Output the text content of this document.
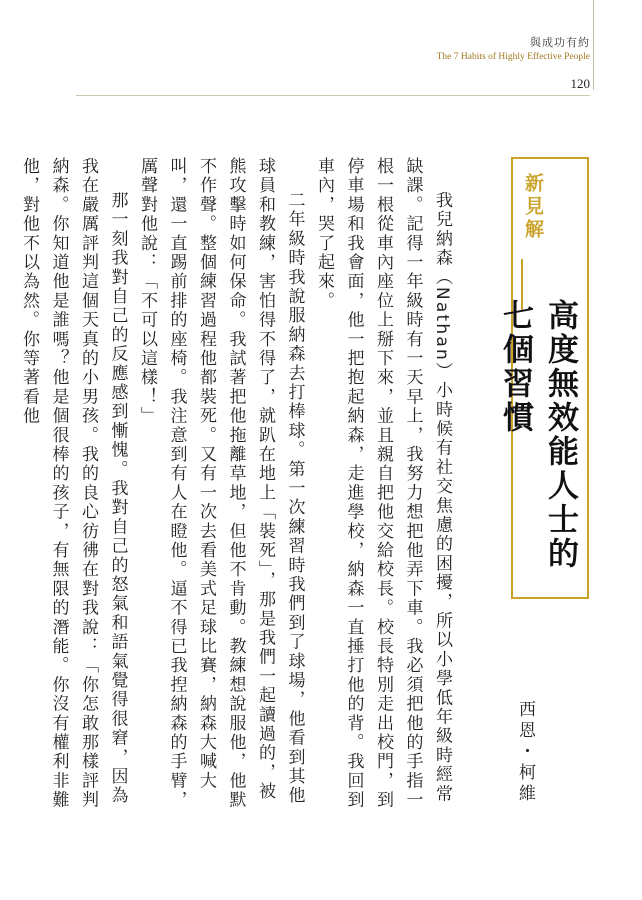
與成功有約
The 7 Habits of Highly Effective People
120
新見解
高度無效能人士的七個習慣
西恩・柯維

我兒納森（Nathan）小時候有社交焦慮的困擾，所以小學低年級時經常缺課。記得一年級時有一天早上，我努力想把他弄下車。我必須把他的手指一根一根從車內座位上掰下來，並且親自把他交給校長。校長特別走出校門，到停車場和我會面，他一把抱起納森，走進學校，納森一直捶打他的背。我回到車內，哭了起來。

二年級時我說服納森去打棒球。第一次練習時我們到了球場，他看到其他球員和教練，害怕得不得了，就趴在地上「裝死」，那是我們一起讀過的，被熊攻擊時如何保命。我試著把他拖離草地，但他不肯動。教練想說服他，他默不作聲。整個練習過程他都裝死。又有一次去看美式足球比賽，納森大喊大叫，還一直踢前排的座椅。我注意到有人在瞪他。逼不得已我揑納森的手臂，厲聲對他說：「不可以這樣！」

那一刻我對自己的反應感到慚愧。我對自己的怒氣和語氣覺得很窘，因為我在嚴厲評判這個天真的小男孩。我的良心彷彿在對我說：「你怎敢那樣評判納森。你知道他是誰嗎？他是個很棒的孩子，有無限的潛能。你沒有權利非難他，對他不以為然。你等著看他
